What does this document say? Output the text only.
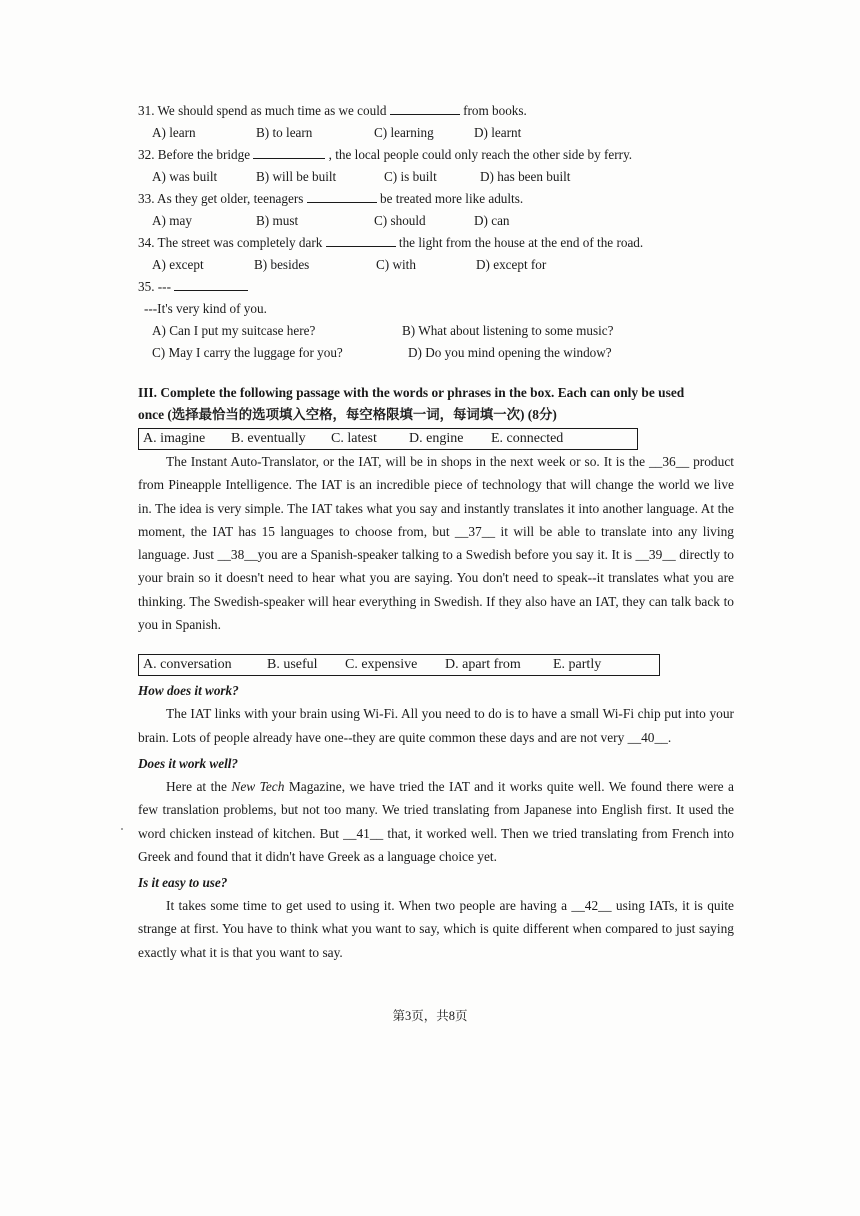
31. We should spend as much time as we could	from books.

A) learn	B) to learn	C) learning	D) learnt

32. Before the bridge	, the local people could only reach the other side by ferry.

A) was built	B) will be built	C) is built	D) has been built

33. As they get older, teenagers	be treated more like adults.

A) may	B) must	C) should	D) can

34. The street was completely dark	the light from the house at the end of the road.

A) except	B) besides	C) with	D) except for

35. ---

---It's very kind of you.

A) Can I put my suitcase here?	B) What about listening to some music?
C) May I carry the luggage for you?	D) Do you mind opening the window?
III. Complete the following passage with the words or phrases in the box. Each can only be used
once (选择最恰当的选项填入空格，每空格限填一词，每词填一次) (8分)
A. imagine	B. eventually	C. latest	D. engine	E. connected

The Instant Auto-Translator, or the IAT, will be in shops in the next week or so. It is the __36__ product from Pineapple Intelligence. The IAT is an incredible piece of technology that will change the world we live in. The idea is very simple. The IAT takes what you say and instantly translates it into another language. At the moment, the IAT has 15 languages to choose from, but __37__ it will be able to translate into any living language. Just __38__you are a Spanish-speaker talking to a Swedish before you say it. It is __39__ directly to your brain so it doesn't need to hear what you are saying. You don't need to speak--it translates what you are thinking. The Swedish-speaker will hear everything in Swedish. If they also have an IAT, they can talk back to you in Spanish.

A. conversation	B. useful	C. expensive	D. apart from	E. partly
How does it work?

The IAT links with your brain using Wi-Fi. All you need to do is to have a small Wi-Fi chip put into your brain. Lots of people already have one--they are quite common these days and are not very __40__.

Does it work well?

Here at the New Tech Magazine, we have tried the IAT and it works quite well. We found there were a few translation problems, but not too many. We tried translating from Japanese into English first. It used the word chicken instead of kitchen. But __41__ that, it worked well. Then we tried translating from French into Greek and found that it didn't have Greek as a language choice yet.

Is it easy to use?

It takes some time to get used to using it. When two people are having a __42__ using IATs, it is quite strange at first. You have to think what you want to say, which is quite different when compared to just saying exactly what it is that you want to say.

第3页，共8页
